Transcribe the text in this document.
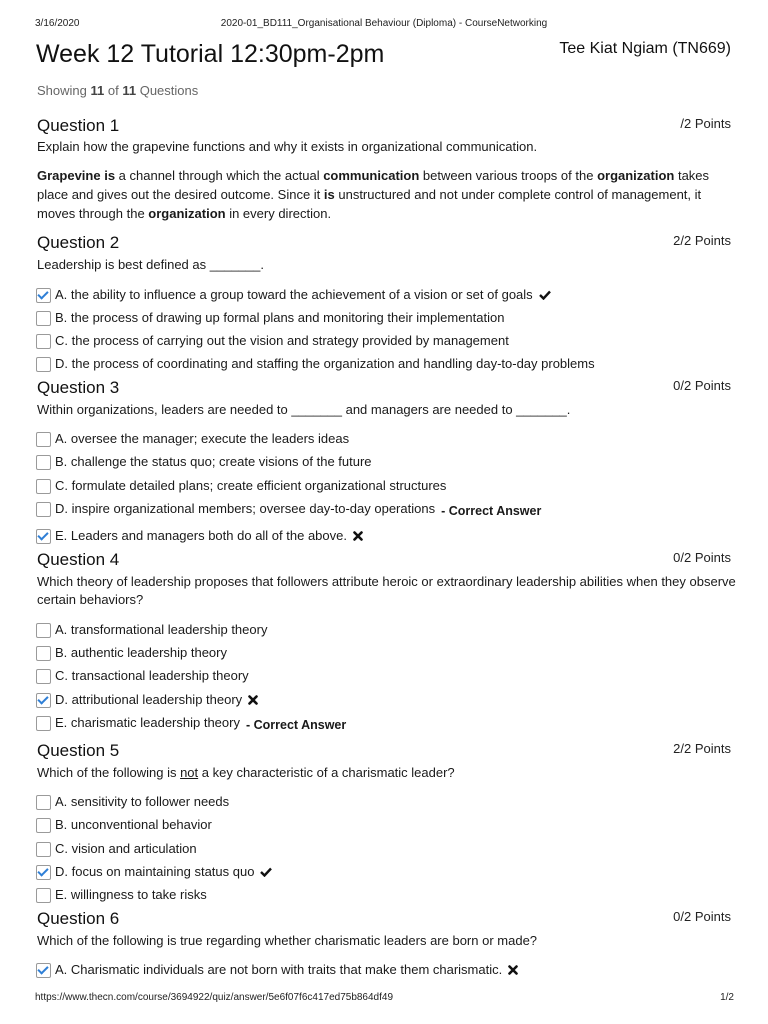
3/16/2020	2020-01_BD111_Organisational Behaviour (Diploma) - CourseNetworking
Week 12 Tutorial 12:30pm-2pm	Tee Kiat Ngiam (TN669)
Showing 11 of 11 Questions
Question 1	/2 Points
Explain how the grapevine functions and why it exists in organizational communication.
Grapevine is a channel through which the actual communication between various troops of the organization takes place and gives out the desired outcome. Since it is unstructured and not under complete control of management, it moves through the organization in every direction.
Question 2	2/2 Points
Leadership is best defined as _______.
A. the ability to influence a group toward the achievement of a vision or set of goals
B. the process of drawing up formal plans and monitoring their implementation
C. the process of carrying out the vision and strategy provided by management
D. the process of coordinating and staffing the organization and handling day-to-day problems
Question 3	0/2 Points
Within organizations, leaders are needed to _______ and managers are needed to _______.
A. oversee the manager; execute the leaders ideas
B. challenge the status quo; create visions of the future
C. formulate detailed plans; create efficient organizational structures
D. inspire organizational members; oversee day-to-day operations - Correct Answer
E. Leaders and managers both do all of the above.
Question 4	0/2 Points
Which theory of leadership proposes that followers attribute heroic or extraordinary leadership abilities when they observe certain behaviors?
A. transformational leadership theory
B. authentic leadership theory
C. transactional leadership theory
D. attributional leadership theory
E. charismatic leadership theory - Correct Answer
Question 5	2/2 Points
Which of the following is not a key characteristic of a charismatic leader?
A. sensitivity to follower needs
B. unconventional behavior
C. vision and articulation
D. focus on maintaining status quo
E. willingness to take risks
Question 6	0/2 Points
Which of the following is true regarding whether charismatic leaders are born or made?
A. Charismatic individuals are not born with traits that make them charismatic.
https://www.thecn.com/course/3694922/quiz/answer/5e6f07f6c417ed75b864df49	1/2
